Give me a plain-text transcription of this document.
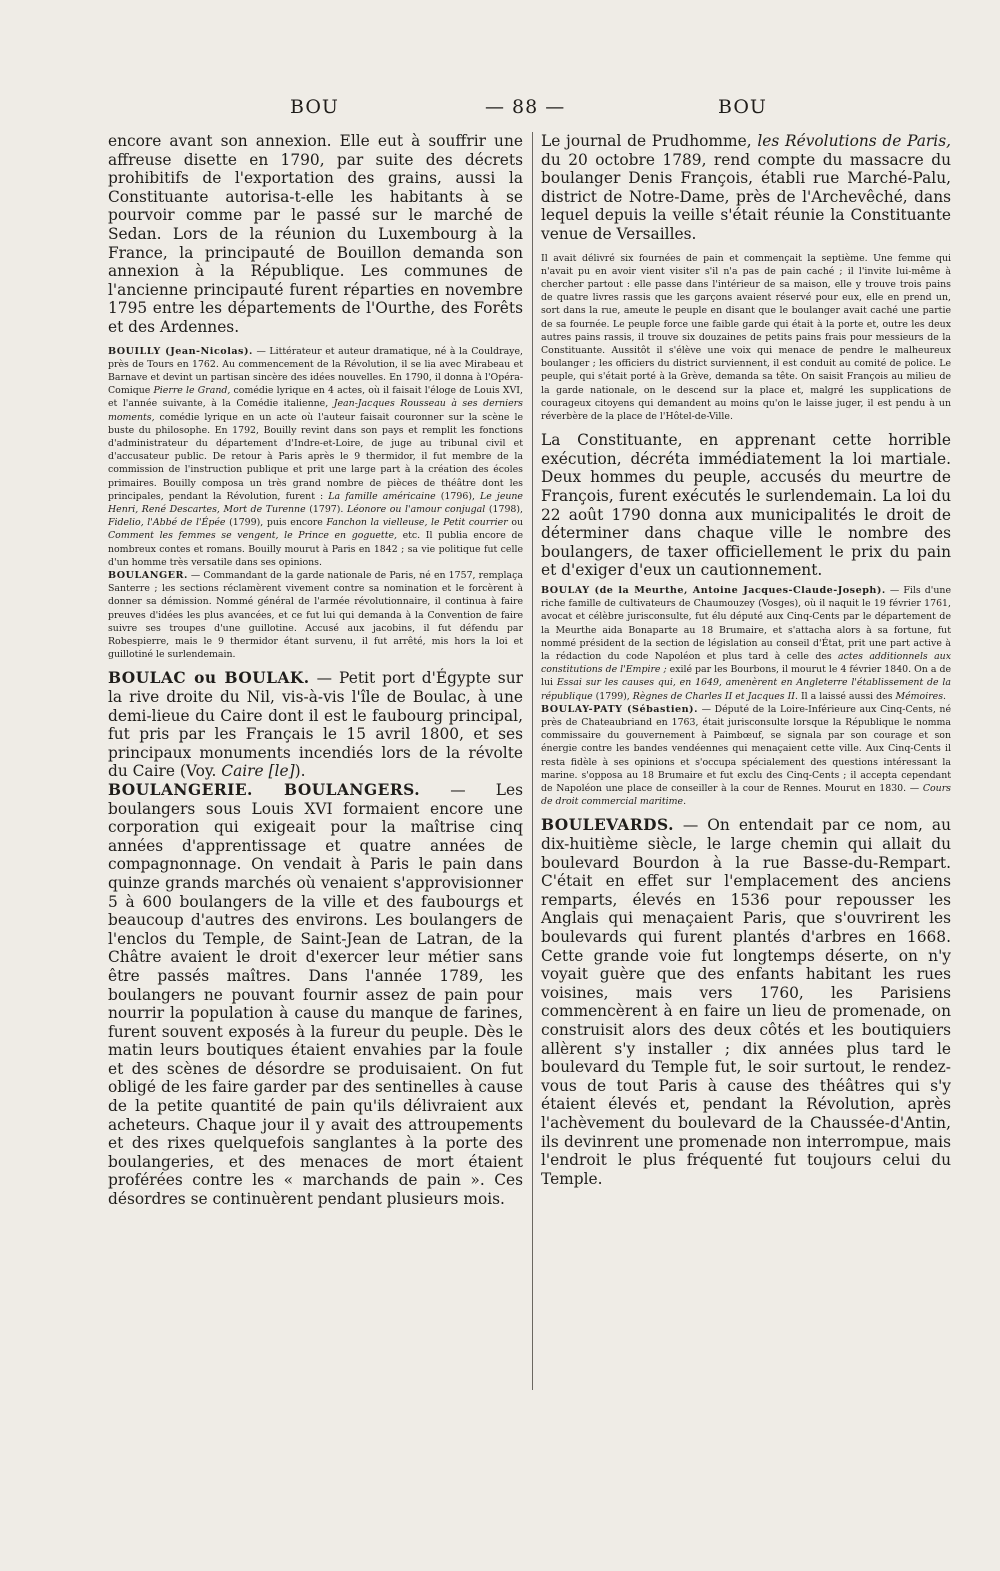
BOU	— 88 —	BOU

encore avant son annexion. Elle eut à souffrir une affreuse disette en 1790, par suite des décrets prohibitifs de l'exportation des grains, aussi la Constituante autorisa-t-elle les habitants à se pourvoir comme par le passé sur le marché de Sedan. Lors de la réunion du Luxembourg à la France, la principauté de Bouillon demanda son annexion à la République. Les communes de l'ancienne principauté furent réparties en novembre 1795 entre les départements de l'Ourthe, des Forêts et des Ardennes.

BOUILLY (Jean-Nicolas). — Littérateur et auteur dramatique, né à la Couldraye, près de Tours en 1762. Au commencement de la Révolution, il se lia avec Mirabeau et Barnave et devint un partisan sincère des idées nouvelles. En 1790, il donna à l'Opéra-Comique Pierre le Grand, comédie lyrique en 4 actes, où il faisait l'éloge de Louis XVI, et l'année suivante, à la Comédie italienne, Jean-Jacques Rousseau à ses derniers moments, comédie lyrique en un acte où l'auteur faisait couronner sur la scène le buste du philosophe. En 1792, Bouilly revint dans son pays et remplit les fonctions d'administrateur du département d'Indre-et-Loire, de juge au tribunal civil et d'accusateur public. De retour à Paris après le 9 thermidor, il fut membre de la commission de l'instruction publique et prit une large part à la création des écoles primaires. Bouilly composa un très grand nombre de pièces de théâtre dont les principales, pendant la Révolution, furent : La famille américaine (1796), Le jeune Henri, René Descartes, Mort de Turenne (1797). Léonore ou l'amour conjugal (1798), Fidelio, l'Abbé de l'Épée (1799), puis encore Fanchon la vielleuse, le Petit courrier ou Comment les femmes se vengent, le Prince en goguette, etc. Il publia encore de nombreux contes et romans. Bouilly mourut à Paris en 1842 ; sa vie politique fut celle d'un homme très versatile dans ses opinions.

BOULANGER. — Commandant de la garde nationale de Paris, né en 1757, remplaça Santerre ; les sections réclamèrent vivement contre sa nomination et le forcèrent à donner sa démission. Nommé général de l'armée révolutionnaire, il continua à faire preuves d'idées les plus avancées, et ce fut lui qui demanda à la Convention de faire suivre ses troupes d'une guillotine. Accusé aux jacobins, il fut défendu par Robespierre, mais le 9 thermidor étant survenu, il fut arrêté, mis hors la loi et guillotiné le surlendemain.

BOULAC ou BOULAK. — Petit port d'Égypte sur la rive droite du Nil, vis-à-vis l'île de Boulac, à une demi-lieue du Caire dont il est le faubourg principal, fut pris par les Français le 15 avril 1800, et ses principaux monuments incendiés lors de la révolte du Caire (Voy. Caire [le]).

BOULANGERIE. BOULANGERS. — Les boulangers sous Louis XVI formaient encore une corporation qui exigeait pour la maîtrise cinq années d'apprentissage et quatre années de compagnonnage. On vendait à Paris le pain dans quinze grands marchés où venaient s'approvisionner 5 à 600 boulangers de la ville et des faubourgs et beaucoup d'autres des environs. Les boulangers de l'enclos du Temple, de Saint-Jean de Latran, de la Châtre avaient le droit d'exercer leur métier sans être passés maîtres. Dans l'année 1789, les boulangers ne pouvant fournir assez de pain pour nourrir la population à cause du manque de farines, furent souvent exposés à la fureur du peuple. Dès le matin leurs boutiques étaient envahies par la foule et des scènes de désordre se produisaient. On fut obligé de les faire garder par des sentinelles à cause de la petite quantité de pain qu'ils délivraient aux acheteurs. Chaque jour il y avait des attroupements et des rixes quelquefois sanglantes à la porte des boulangeries, et des menaces de mort étaient proférées contre les « marchands de pain ». Ces désordres se continuèrent pendant plusieurs mois.

Le journal de Prudhomme, les Révolutions de Paris, du 20 octobre 1789, rend compte du massacre du boulanger Denis François, établi rue Marché-Palu, district de Notre-Dame, près de l'Archevêché, dans lequel depuis la veille s'était réunie la Constituante venue de Versailles.

Il avait délivré six fournées de pain et commençait la septième. Une femme qui n'avait pu en avoir vient visiter s'il n'a pas de pain caché ; il l'invite lui-même à chercher partout : elle passe dans l'intérieur de sa maison, elle y trouve trois pains de quatre livres rassis que les garçons avaient réservé pour eux, elle en prend un, sort dans la rue, ameute le peuple en disant que le boulanger avait caché une partie de sa fournée. Le peuple force une faible garde qui était à la porte et, outre les deux autres pains rassis, il trouve six douzaines de petits pains frais pour messieurs de la Constituante. Aussitôt il s'élève une voix qui menace de pendre le malheureux boulanger ; les officiers du district surviennent, il est conduit au comité de police. Le peuple, qui s'était porté à la Grève, demanda sa tête. On saisit François au milieu de la garde nationale, on le descend sur la place et, malgré les supplications de courageux citoyens qui demandent au moins qu'on le laisse juger, il est pendu à un réverbère de la place de l'Hôtel-de-Ville.

La Constituante, en apprenant cette horrible exécution, décréta immédiatement la loi martiale. Deux hommes du peuple, accusés du meurtre de François, furent exécutés le surlendemain. La loi du 22 août 1790 donna aux municipalités le droit de déterminer dans chaque ville le nombre des boulangers, de taxer officiellement le prix du pain et d'exiger d'eux un cautionnement.

BOULAY (de la Meurthe, Antoine Jacques-Claude-Joseph). — Fils d'une riche famille de cultivateurs de Chaumouzey (Vosges), où il naquit le 19 février 1761, avocat et célèbre jurisconsulte, fut élu député aux Cinq-Cents par le département de la Meurthe aida Bonaparte au 18 Brumaire, et s'attacha alors à sa fortune, fut nommé président de la section de législation au conseil d'État, prit une part active à la rédaction du code Napoléon et plus tard à celle des actes additionnels aux constitutions de l'Empire ; exilé par les Bourbons, il mourut le 4 février 1840. On a de lui Essai sur les causes qui, en 1649, amenèrent en Angleterre l'établissement de la république (1799), Règnes de Charles II et Jacques II. Il a laissé aussi des Mémoires.

BOULAY-PATY (Sébastien). — Député de la Loire-Inférieure aux Cinq-Cents, né près de Chateaubriand en 1763, était jurisconsulte lorsque la République le nomma commissaire du gouvernement à Paimbœuf, se signala par son courage et son énergie contre les bandes vendéennes qui menaçaient cette ville. Aux Cinq-Cents il resta fidèle à ses opinions et s'occupa spécialement des questions intéressant la marine. s'opposa au 18 Brumaire et fut exclu des Cinq-Cents ; il accepta cependant de Napoléon une place de conseiller à la cour de Rennes. Mourut en 1830. — Cours de droit commercial maritime.

BOULEVARDS. — On entendait par ce nom, au dix-huitième siècle, le large chemin qui allait du boulevard Bourdon à la rue Basse-du-Rempart. C'était en effet sur l'emplacement des anciens remparts, élevés en 1536 pour repousser les Anglais qui menaçaient Paris, que s'ouvrirent les boulevards qui furent plantés d'arbres en 1668. Cette grande voie fut longtemps déserte, on n'y voyait guère que des enfants habitant les rues voisines, mais vers 1760, les Parisiens commencèrent à en faire un lieu de promenade, on construisit alors des deux côtés et les boutiquiers allèrent s'y installer ; dix années plus tard le boulevard du Temple fut, le soir surtout, le rendez-vous de tout Paris à cause des théâtres qui s'y étaient élevés et, pendant la Révolution, après l'achèvement du boulevard de la Chaussée-d'Antin, ils devinrent une promenade non interrompue, mais l'endroit le plus fréquenté fut toujours celui du Temple.
